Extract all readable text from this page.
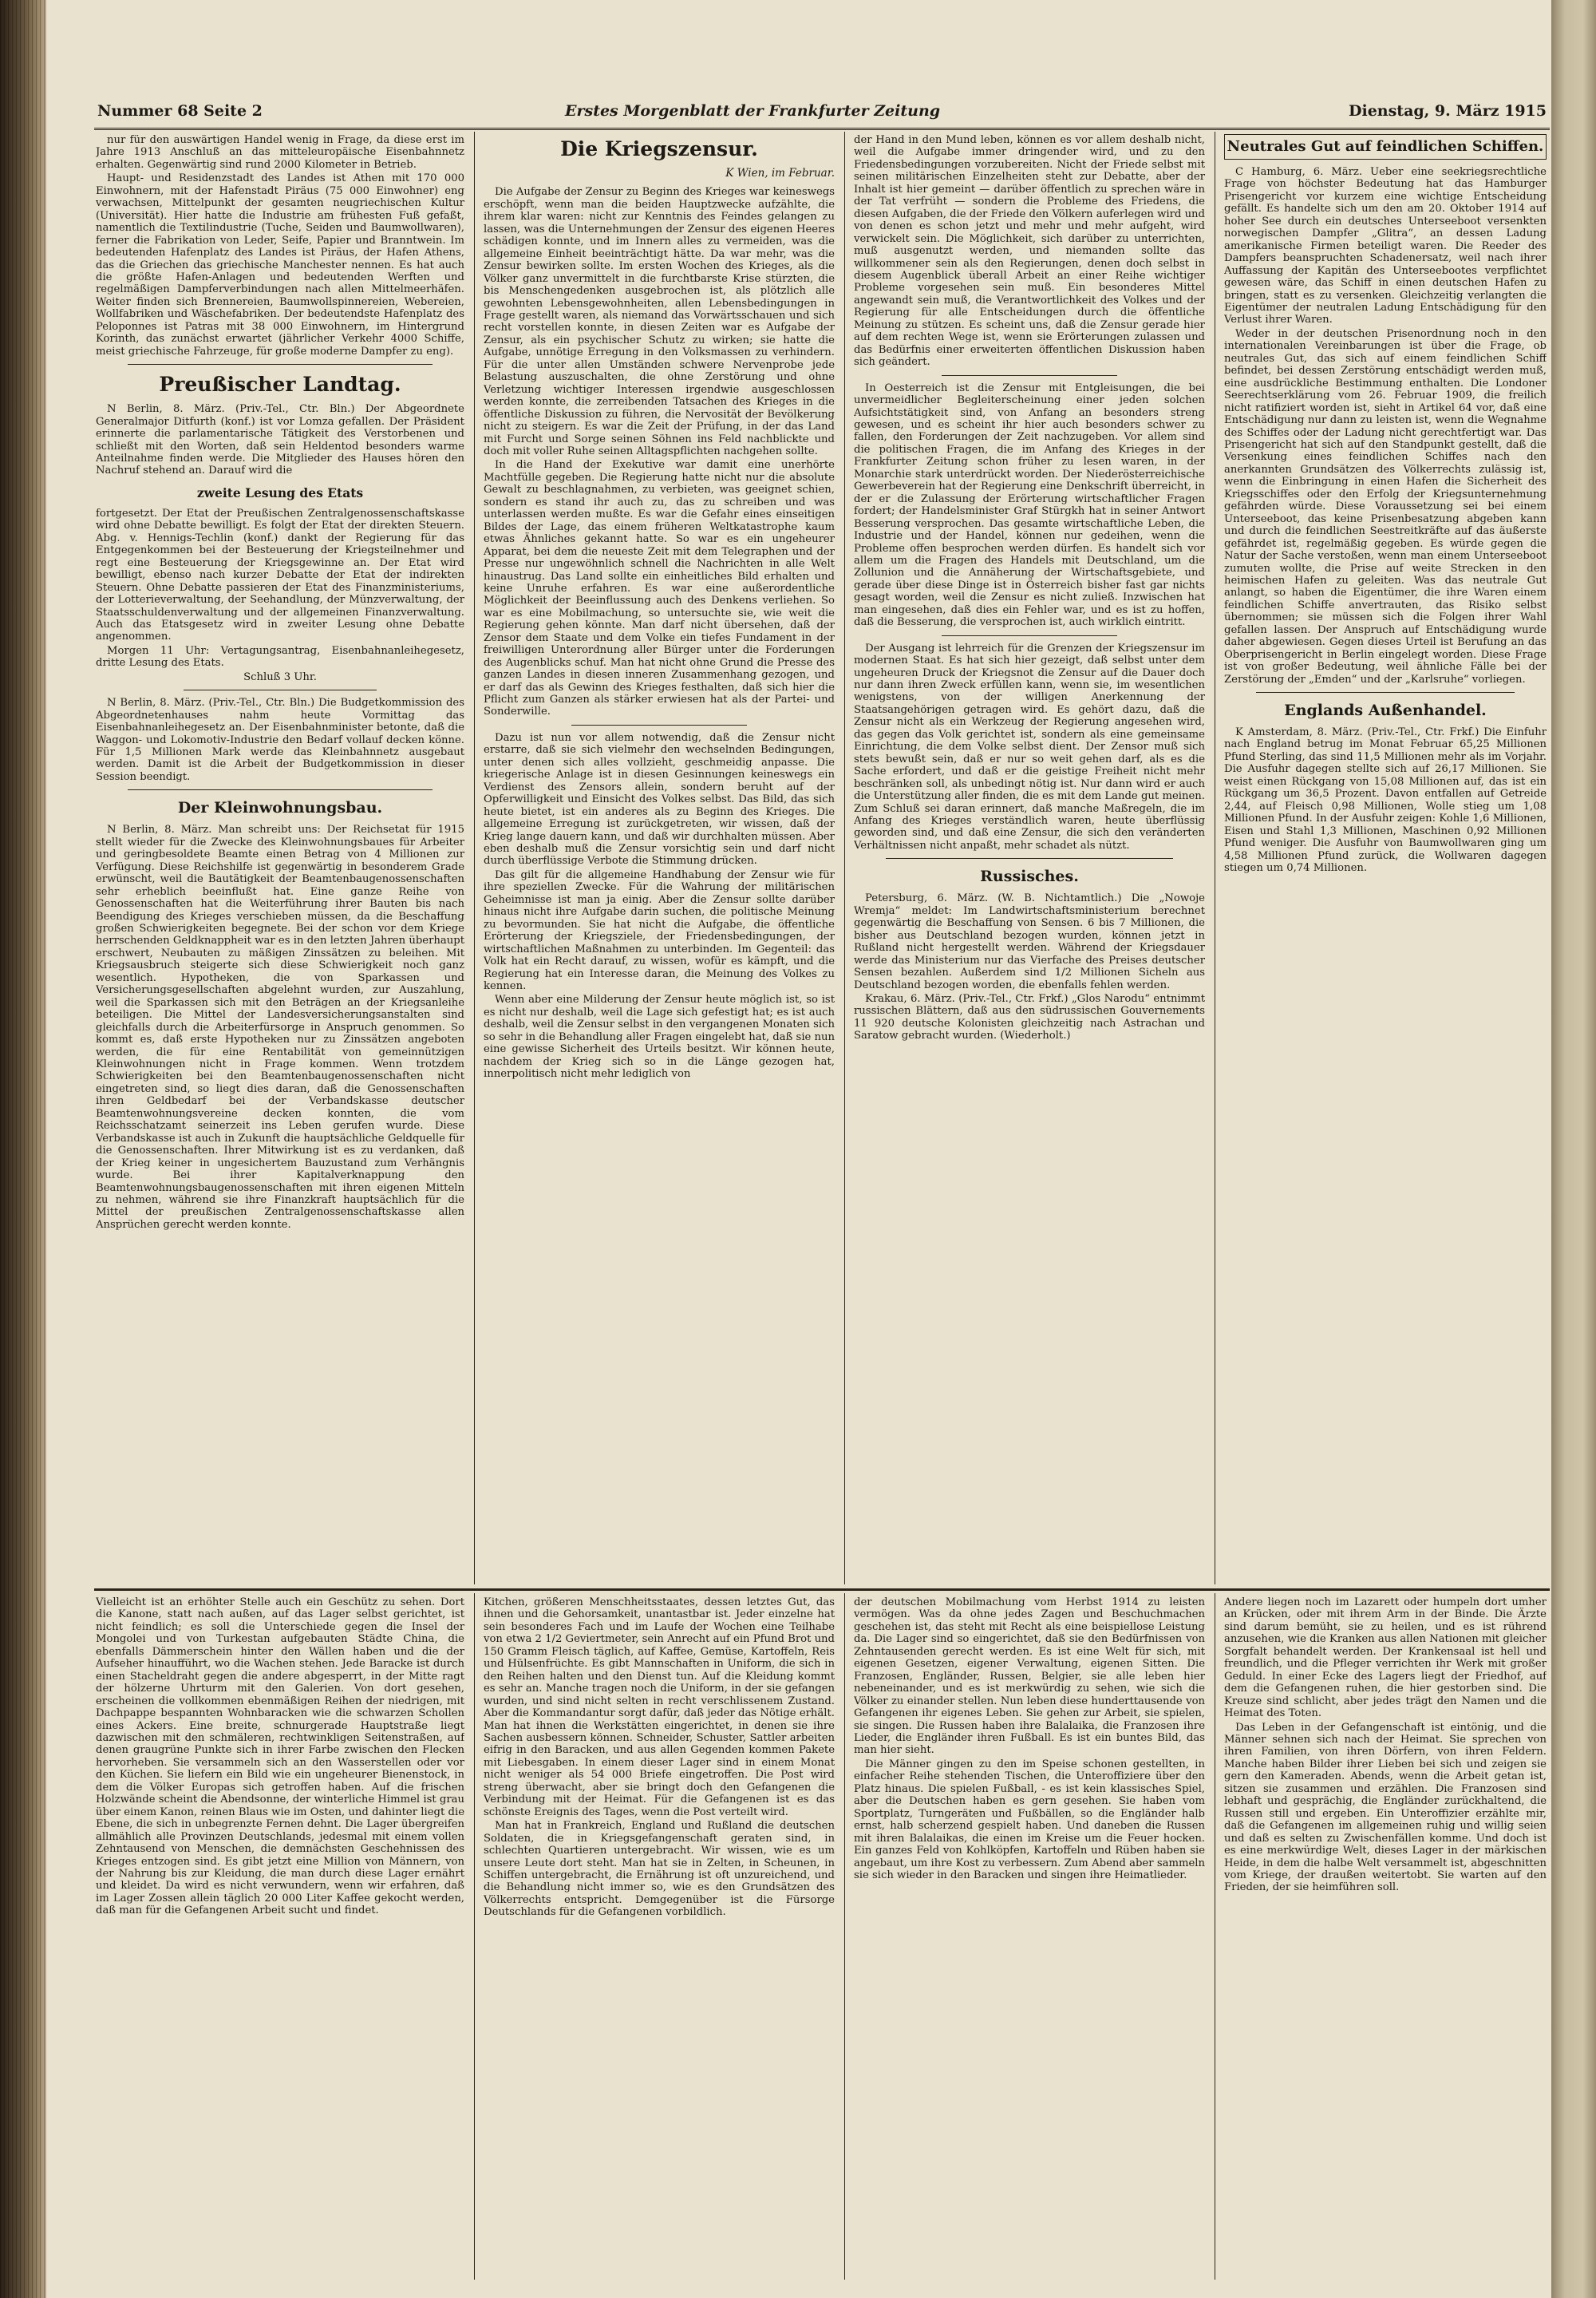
Nummer 68 Seite 2	Erstes Morgenblatt der Frankfurter Zeitung	Dienstag, 9. März 1915

nur für den auswärtigen Handel wenig in Frage, da diese erst im Jahre 1913 Anschluß an das mitteleuropäische Eisenbahnnetz erhalten. Gegenwärtig sind rund 2000 Kilometer in Betrieb.

Haupt- und Residenzstadt des Landes ist Athen mit 170 000 Einwohnern, mit der Hafenstadt Piräus (75 000 Einwohner) eng verwachsen, Mittelpunkt der gesamten neugriechischen Kultur (Universität). Hier hatte die Industrie am frühesten Fuß gefaßt, namentlich die Textilindustrie (Tuche, Seiden und Baumwollwaren), ferner die Fabrikation von Leder, Seife, Papier und Branntwein. Im bedeutenden Hafenplatz des Landes ist Piräus, der Hafen Athens, das die Griechen das griechische Manchester nennen. Es hat auch die größte Hafen-Anlagen und bedeutenden Werften und regelmäßigen Dampferverbindungen nach allen Mittelmeerhäfen. Weiter finden sich Brennereien, Baumwollspinnereien, Webereien, Wollfabriken und Wäschefabriken. Der bedeutendste Hafenplatz des Peloponnes ist Patras mit 38 000 Einwohnern, im Hintergrund Korinth, das zunächst erwartet (jährlicher Verkehr 4000 Schiffe, meist griechische Fahrzeuge, für große moderne Dampfer zu eng).

Preußischer Landtag.

N Berlin, 8. März. (Priv.-Tel., Ctr. Bln.) Der Abgeordnete Generalmajor Ditfurth (konf.) ist vor Lomza gefallen. Der Präsident erinnerte die parlamentarische Tätigkeit des Verstorbenen und schließt mit den Worten, daß sein Heldentod besonders warme Anteilnahme finden werde. Die Mitglieder des Hauses hören den Nachruf stehend an. Darauf wird die

zweite Lesung des Etats

fortgesetzt. Der Etat der Preußischen Zentralgenossenschaftskasse wird ohne Debatte bewilligt. Es folgt der Etat der direkten Steuern. Abg. v. Hennigs-Techlin (konf.) dankt der Regierung für das Entgegenkommen bei der Besteuerung der Kriegsteilnehmer und regt eine Besteuerung der Kriegsgewinne an. Der Etat wird bewilligt, ebenso nach kurzer Debatte der Etat der indirekten Steuern. Ohne Debatte passieren der Etat des Finanzministeriums, der Lotterieverwaltung, der Seehandlung, der Münzverwaltung, der Staatsschuldenverwaltung und der allgemeinen Finanzverwaltung. Auch das Etatsgesetz wird in zweiter Lesung ohne Debatte angenommen.

Morgen 11 Uhr: Vertagungsantrag, Eisenbahnanleihegesetz, dritte Lesung des Etats.

Schluß 3 Uhr.

N Berlin, 8. März. (Priv.-Tel., Ctr. Bln.) Die Budgetkommission des Abgeordnetenhauses nahm heute Vormittag das Eisenbahnanleihegesetz an. Der Eisenbahnminister betonte, daß die Waggon- und Lokomotiv-Industrie den Bedarf vollauf decken könne. Für 1,5 Millionen Mark werde das Kleinbahnnetz ausgebaut werden. Damit ist die Arbeit der Budgetkommission in dieser Session beendigt.

Der Kleinwohnungsbau.

N Berlin, 8. März. Man schreibt uns: Der Reichsetat für 1915 stellt wieder für die Zwecke des Kleinwohnungsbaues für Arbeiter und geringbesoldete Beamte einen Betrag von 4 Millionen zur Verfügung. Diese Reichshilfe ist gegenwärtig in besonderem Grade erwünscht, weil die Bautätigkeit der Beamtenbaugenossenschaften sehr erheblich beeinflußt hat. Eine ganze Reihe von Genossenschaften hat die Weiterführung ihrer Bauten bis nach Beendigung des Krieges verschieben müssen, da die Beschaffung großen Schwierigkeiten begegnete. Bei der schon vor dem Kriege herrschenden Geldknappheit war es in den letzten Jahren überhaupt erschwert, Neubauten zu mäßigen Zinssätzen zu beleihen. Mit Kriegsausbruch steigerte sich diese Schwierigkeit noch ganz wesentlich. Hypotheken, die von Sparkassen und Versicherungsgesellschaften abgelehnt wurden, zur Auszahlung, weil die Sparkassen sich mit den Beträgen an der Kriegsanleihe beteiligen. Die Mittel der Landesversicherungsanstalten sind gleichfalls durch die Arbeiterfürsorge in Anspruch genommen. So kommt es, daß erste Hypotheken nur zu Zinssätzen angeboten werden, die für eine Rentabilität von gemeinnützigen Kleinwohnungen nicht in Frage kommen. Wenn trotzdem Schwierigkeiten bei den Beamtenbaugenossenschaften nicht eingetreten sind, so liegt dies daran, daß die Genossenschaften ihren Geldbedarf bei der Verbandskasse deutscher Beamtenwohnungsvereine decken konnten, die vom Reichsschatzamt seinerzeit ins Leben gerufen wurde. Diese Verbandskasse ist auch in Zukunft die hauptsächliche Geldquelle für die Genossenschaften. Ihrer Mitwirkung ist es zu verdanken, daß der Krieg keiner in ungesichertem Bauzustand zum Verhängnis wurde. Bei ihrer Kapitalverknappung den Beamtenwohnungsbaugenossenschaften mit ihren eigenen Mitteln zu nehmen, während sie ihre Finanzkraft hauptsächlich für die Mittel der preußischen Zentralgenossenschaftskasse allen Ansprüchen gerecht werden konnte.

Die Kriegszensur.
K Wien, im Februar.

Die Aufgabe der Zensur zu Beginn des Krieges war keineswegs erschöpft, wenn man die beiden Hauptzwecke aufzählte, die ihrem klar waren: nicht zur Kenntnis des Feindes gelangen zu lassen, was die Unternehmungen der Zensur des eigenen Heeres schädigen konnte, und im Innern alles zu vermeiden, was die allgemeine Einheit beeinträchtigt hätte. Da war mehr, was die Zensur bewirken sollte. Im ersten Wochen des Krieges, als die Völker ganz unvermittelt in die furchtbarste Krise stürzten, die bis Menschengedenken ausgebrochen ist, als plötzlich alle gewohnten Lebensgewohnheiten, allen Lebensbedingungen in Frage gestellt waren, als niemand das Vorwärtsschauen und sich recht vorstellen konnte, in diesen Zeiten war es Aufgabe der Zensur, als ein psychischer Schutz zu wirken; sie hatte die Aufgabe, unnötige Erregung in den Volksmassen zu verhindern. Für die unter allen Umständen schwere Nervenprobe jede Belastung auszuschalten, die ohne Zerstörung und ohne Verletzung wichtiger Interessen irgendwie ausgeschlossen werden konnte, die zerreibenden Tatsachen des Krieges in die öffentliche Diskussion zu führen, die Nervosität der Bevölkerung nicht zu steigern. Es war die Zeit der Prüfung, in der das Land mit Furcht und Sorge seinen Söhnen ins Feld nachblickte und doch mit voller Ruhe seinen Alltagspflichten nachgehen sollte.

In die Hand der Exekutive war damit eine unerhörte Machtfülle gegeben. Die Regierung hatte nicht nur die absolute Gewalt zu beschlagnahmen, zu verbieten, was geeignet schien, sondern es stand ihr auch zu, das zu schreiben und was unterlassen werden mußte. Es war die Gefahr eines einseitigen Bildes der Lage, das einem früheren Weltkatastrophe kaum etwas Ähnliches gekannt hatte. So war es ein ungeheurer Apparat, bei dem die neueste Zeit mit dem Telegraphen und der Presse nur ungewöhnlich schnell die Nachrichten in alle Welt hinaustrug. Das Land sollte ein einheitliches Bild erhalten und keine Unruhe erfahren. Es war eine außerordentliche Möglichkeit der Beeinflussung auch des Denkens verliehen. So war es eine Mobilmachung, so untersuchte sie, wie weit die Regierung gehen könnte. Man darf nicht übersehen, daß der Zensor dem Staate und dem Volke ein tiefes Fundament in der freiwilligen Unterordnung aller Bürger unter die Forderungen des Augenblicks schuf. Man hat nicht ohne Grund die Presse des ganzen Landes in diesen inneren Zusammenhang gezogen, und er darf das als Gewinn des Krieges festhalten, daß sich hier die Pflicht zum Ganzen als stärker erwiesen hat als der Partei- und Sonderwille.

Dazu ist nun vor allem notwendig, daß die Zensur nicht erstarre, daß sie sich vielmehr den wechselnden Bedingungen, unter denen sich alles vollzieht, geschmeidig anpasse. Die kriegerische Anlage ist in diesen Gesinnungen keineswegs ein Verdienst des Zensors allein, sondern beruht auf der Opferwilligkeit und Einsicht des Volkes selbst. Das Bild, das sich heute bietet, ist ein anderes als zu Beginn des Krieges. Die allgemeine Erregung ist zurückgetreten, wir wissen, daß der Krieg lange dauern kann, und daß wir durchhalten müssen. Aber eben deshalb muß die Zensur vorsichtig sein und darf nicht durch überflüssige Verbote die Stimmung drücken.

Das gilt für die allgemeine Handhabung der Zensur wie für ihre speziellen Zwecke. Für die Wahrung der militärischen Geheimnisse ist man ja einig. Aber die Zensur sollte darüber hinaus nicht ihre Aufgabe darin suchen, die politische Meinung zu bevormunden. Sie hat nicht die Aufgabe, die öffentliche Erörterung der Kriegsziele, der Friedensbedingungen, der wirtschaftlichen Maßnahmen zu unterbinden. Im Gegenteil: das Volk hat ein Recht darauf, zu wissen, wofür es kämpft, und die Regierung hat ein Interesse daran, die Meinung des Volkes zu kennen.

Wenn aber eine Milderung der Zensur heute möglich ist, so ist es nicht nur deshalb, weil die Lage sich gefestigt hat; es ist auch deshalb, weil die Zensur selbst in den vergangenen Monaten sich so sehr in die Behandlung aller Fragen eingelebt hat, daß sie nun eine gewisse Sicherheit des Urteils besitzt. Wir können heute, nachdem der Krieg sich so in die Länge gezogen hat, innerpolitisch nicht mehr lediglich von

der Hand in den Mund leben, können es vor allem deshalb nicht, weil die Aufgabe immer dringender wird, und zu den Friedensbedingungen vorzubereiten. Nicht der Friede selbst mit seinen militärischen Einzelheiten steht zur Debatte, aber der Inhalt ist hier gemeint — darüber öffentlich zu sprechen wäre in der Tat verfrüht — sondern die Probleme des Friedens, die diesen Aufgaben, die der Friede den Völkern auferlegen wird und von denen es schon jetzt und mehr und mehr aufgeht, wird verwickelt sein. Die Möglichkeit, sich darüber zu unterrichten, muß ausgenutzt werden, und niemanden sollte das willkommener sein als den Regierungen, denen doch selbst in diesem Augenblick überall Arbeit an einer Reihe wichtiger Probleme vorgesehen sein muß. Ein besonderes Mittel angewandt sein muß, die Verantwortlichkeit des Volkes und der Regierung für alle Entscheidungen durch die öffentliche Meinung zu stützen. Es scheint uns, daß die Zensur gerade hier auf dem rechten Wege ist, wenn sie Erörterungen zulassen und das Bedürfnis einer erweiterten öffentlichen Diskussion haben sich geändert.

In Oesterreich ist die Zensur mit Entgleisungen, die bei unvermeidlicher Begleiterscheinung einer jeden solchen Aufsichtstätigkeit sind, von Anfang an besonders streng gewesen, und es scheint ihr hier auch besonders schwer zu fallen, den Forderungen der Zeit nachzugeben. Vor allem sind die politischen Fragen, die im Anfang des Krieges in der Frankfurter Zeitung schon früher zu lesen waren, in der Monarchie stark unterdrückt worden. Der Niederösterreichische Gewerbeverein hat der Regierung eine Denkschrift überreicht, in der er die Zulassung der Erörterung wirtschaftlicher Fragen fordert; der Handelsminister Graf Stürgkh hat in seiner Antwort Besserung versprochen. Das gesamte wirtschaftliche Leben, die Industrie und der Handel, können nur gedeihen, wenn die Probleme offen besprochen werden dürfen. Es handelt sich vor allem um die Fragen des Handels mit Deutschland, um die Zollunion und die Annäherung der Wirtschaftsgebiete, und gerade über diese Dinge ist in Österreich bisher fast gar nichts gesagt worden, weil die Zensur es nicht zuließ. Inzwischen hat man eingesehen, daß dies ein Fehler war, und es ist zu hoffen, daß die Besserung, die versprochen ist, auch wirklich eintritt.

Der Ausgang ist lehrreich für die Grenzen der Kriegszensur im modernen Staat. Es hat sich hier gezeigt, daß selbst unter dem ungeheuren Druck der Kriegsnot die Zensur auf die Dauer doch nur dann ihren Zweck erfüllen kann, wenn sie, im wesentlichen wenigstens, von der willigen Anerkennung der Staatsangehörigen getragen wird. Es gehört dazu, daß die Zensur nicht als ein Werkzeug der Regierung angesehen wird, das gegen das Volk gerichtet ist, sondern als eine gemeinsame Einrichtung, die dem Volke selbst dient. Der Zensor muß sich stets bewußt sein, daß er nur so weit gehen darf, als es die Sache erfordert, und daß er die geistige Freiheit nicht mehr beschränken soll, als unbedingt nötig ist. Nur dann wird er auch die Unterstützung aller finden, die es mit dem Lande gut meinen. Zum Schluß sei daran erinnert, daß manche Maßregeln, die im Anfang des Krieges verständlich waren, heute überflüssig geworden sind, und daß eine Zensur, die sich den veränderten Verhältnissen nicht anpaßt, mehr schadet als nützt.

Russisches.

Petersburg, 6. März. (W. B. Nichtamtlich.) Die „Nowoje Wremja“ meldet: Im Landwirtschaftsministerium berechnet gegenwärtig die Beschaffung von Sensen. 6 bis 7 Millionen, die bisher aus Deutschland bezogen wurden, können jetzt in Rußland nicht hergestellt werden. Während der Kriegsdauer werde das Ministerium nur das Vierfache des Preises deutscher Sensen bezahlen. Außerdem sind 1/2 Millionen Sicheln aus Deutschland bezogen worden, die ebenfalls fehlen werden.

Krakau, 6. März. (Priv.-Tel., Ctr. Frkf.) „Glos Narodu“ entnimmt russischen Blättern, daß aus den südrussischen Gouvernements 11 920 deutsche Kolonisten gleichzeitig nach Astrachan und Saratow gebracht wurden. (Wiederholt.)

Neutrales Gut auf feindlichen Schiffen.

C Hamburg, 6. März. Ueber eine seekriegsrechtliche Frage von höchster Bedeutung hat das Hamburger Prisengericht vor kurzem eine wichtige Entscheidung gefällt. Es handelte sich um den am 20. Oktober 1914 auf hoher See durch ein deutsches Unterseeboot versenkten norwegischen Dampfer „Glitra“, an dessen Ladung amerikanische Firmen beteiligt waren. Die Reeder des Dampfers beanspruchten Schadenersatz, weil nach ihrer Auffassung der Kapitän des Unterseebootes verpflichtet gewesen wäre, das Schiff in einen deutschen Hafen zu bringen, statt es zu versenken. Gleichzeitig verlangten die Eigentümer der neutralen Ladung Entschädigung für den Verlust ihrer Waren.

Weder in der deutschen Prisenordnung noch in den internationalen Vereinbarungen ist über die Frage, ob neutrales Gut, das sich auf einem feindlichen Schiff befindet, bei dessen Zerstörung entschädigt werden muß, eine ausdrückliche Bestimmung enthalten. Die Londoner Seerechtserklärung vom 26. Februar 1909, die freilich nicht ratifiziert worden ist, sieht in Artikel 64 vor, daß eine Entschädigung nur dann zu leisten ist, wenn die Wegnahme des Schiffes oder der Ladung nicht gerechtfertigt war. Das Prisengericht hat sich auf den Standpunkt gestellt, daß die Versenkung eines feindlichen Schiffes nach den anerkannten Grundsätzen des Völkerrechts zulässig ist, wenn die Einbringung in einen Hafen die Sicherheit des Kriegsschiffes oder den Erfolg der Kriegsunternehmung gefährden würde. Diese Voraussetzung sei bei einem Unterseeboot, das keine Prisenbesatzung abgeben kann und durch die feindlichen Seestreitkräfte auf das äußerste gefährdet ist, regelmäßig gegeben. Es würde gegen die Natur der Sache verstoßen, wenn man einem Unterseeboot zumuten wollte, die Prise auf weite Strecken in den heimischen Hafen zu geleiten. Was das neutrale Gut anlangt, so haben die Eigentümer, die ihre Waren einem feindlichen Schiffe anvertrauten, das Risiko selbst übernommen; sie müssen sich die Folgen ihrer Wahl gefallen lassen. Der Anspruch auf Entschädigung wurde daher abgewiesen. Gegen dieses Urteil ist Berufung an das Oberprisengericht in Berlin eingelegt worden. Diese Frage ist von großer Bedeutung, weil ähnliche Fälle bei der Zerstörung der „Emden“ und der „Karlsruhe“ vorliegen.

Englands Außenhandel.

K Amsterdam, 8. März. (Priv.-Tel., Ctr. Frkf.) Die Einfuhr nach England betrug im Monat Februar 65,25 Millionen Pfund Sterling, das sind 11,5 Millionen mehr als im Vorjahr. Die Ausfuhr dagegen stellte sich auf 26,17 Millionen. Sie weist einen Rückgang von 15,08 Millionen auf, das ist ein Rückgang um 36,5 Prozent. Davon entfallen auf Getreide 2,44, auf Fleisch 0,98 Millionen, Wolle stieg um 1,08 Millionen Pfund. In der Ausfuhr zeigen: Kohle 1,6 Millionen, Eisen und Stahl 1,3 Millionen, Maschinen 0,92 Millionen Pfund weniger. Die Ausfuhr von Baumwollwaren ging um 4,58 Millionen Pfund zurück, die Wollwaren dagegen stiegen um 0,74 Millionen.

Vielleicht ist an erhöhter Stelle auch ein Geschütz zu sehen. Dort die Kanone, statt nach außen, auf das Lager selbst gerichtet, ist nicht feindlich; es soll die Unterschiede gegen die Insel der Mongolei und von Turkestan aufgebauten Städte China, die ebenfalls Dämmerschein hinter den Wällen haben und die der Aufseher hinaufführt, wo die Wachen stehen. Jede Baracke ist durch einen Stacheldraht gegen die andere abgesperrt, in der Mitte ragt der hölzerne Uhrturm mit den Galerien. Von dort gesehen, erscheinen die vollkommen ebenmäßigen Reihen der niedrigen, mit Dachpappe bespannten Wohnbaracken wie die schwarzen Schollen eines Ackers. Eine breite, schnurgerade Hauptstraße liegt dazwischen mit den schmäleren, rechtwinkligen Seitenstraßen, auf denen graugrüne Punkte sich in ihrer Farbe zwischen den Flecken hervorheben. Sie versammeln sich an den Wasserstellen oder vor den Küchen. Sie liefern ein Bild wie ein ungeheurer Bienenstock, in dem die Völker Europas sich getroffen haben. Auf die frischen Holzwände scheint die Abendsonne, der winterliche Himmel ist grau über einem Kanon, reinen Blaus wie im Osten, und dahinter liegt die Ebene, die sich in unbegrenzte Fernen dehnt. Die Lager übergreifen allmählich alle Provinzen Deutschlands, jedesmal mit einem vollen Zehntausend von Menschen, die demnächsten Geschehnissen des Krieges entzogen sind. Es gibt jetzt eine Million von Männern, von der Nahrung bis zur Kleidung, die man durch diese Lager ernährt und kleidet. Da wird es nicht verwundern, wenn wir erfahren, daß im Lager Zossen allein täglich 20 000 Liter Kaffee gekocht werden, daß man für die Gefangenen Arbeit sucht und findet.

Kitchen, größeren Menschheitsstaates, dessen letztes Gut, das ihnen und die Gehorsamkeit, unantastbar ist. Jeder einzelne hat sein besonderes Fach und im Laufe der Wochen eine Teilhabe von etwa 2 1/2 Geviertmeter, sein Anrecht auf ein Pfund Brot und 150 Gramm Fleisch täglich, auf Kaffee, Gemüse, Kartoffeln, Reis und Hülsenfrüchte. Es gibt Mannschaften in Uniform, die sich in den Reihen halten und den Dienst tun. Auf die Kleidung kommt es sehr an. Manche tragen noch die Uniform, in der sie gefangen wurden, und sind nicht selten in recht verschlissenem Zustand. Aber die Kommandantur sorgt dafür, daß jeder das Nötige erhält. Man hat ihnen die Werkstätten eingerichtet, in denen sie ihre Sachen ausbessern können. Schneider, Schuster, Sattler arbeiten eifrig in den Baracken, und aus allen Gegenden kommen Pakete mit Liebesgaben. In einem dieser Lager sind in einem Monat nicht weniger als 54 000 Briefe eingetroffen. Die Post wird streng überwacht, aber sie bringt doch den Gefangenen die Verbindung mit der Heimat. Für die Gefangenen ist es das schönste Ereignis des Tages, wenn die Post verteilt wird.

Man hat in Frankreich, England und Rußland die deutschen Soldaten, die in Kriegsgefangenschaft geraten sind, in schlechten Quartieren untergebracht. Wir wissen, wie es um unsere Leute dort steht. Man hat sie in Zelten, in Scheunen, in Schiffen untergebracht, die Ernährung ist oft unzureichend, und die Behandlung nicht immer so, wie es den Grundsätzen des Völkerrechts entspricht. Demgegenüber ist die Fürsorge Deutschlands für die Gefangenen vorbildlich.

der deutschen Mobilmachung vom Herbst 1914 zu leisten vermögen. Was da ohne jedes Zagen und Beschuchmachen geschehen ist, das steht mit Recht als eine beispiellose Leistung da. Die Lager sind so eingerichtet, daß sie den Bedürfnissen von Zehntausenden gerecht werden. Es ist eine Welt für sich, mit eigenen Gesetzen, eigener Verwaltung, eigenen Sitten. Die Franzosen, Engländer, Russen, Belgier, sie alle leben hier nebeneinander, und es ist merkwürdig zu sehen, wie sich die Völker zu einander stellen. Nun leben diese hunderttausende von Gefangenen ihr eigenes Leben. Sie gehen zur Arbeit, sie spielen, sie singen. Die Russen haben ihre Balalaika, die Franzosen ihre Lieder, die Engländer ihren Fußball. Es ist ein buntes Bild, das man hier sieht.

Die Männer gingen zu den im Speise schonen gestellten, in einfacher Reihe stehenden Tischen, die Unteroffiziere über den Platz hinaus. Die spielen Fußball, - es ist kein klassisches Spiel, aber die Deutschen haben es gern gesehen. Sie haben vom Sportplatz, Turngeräten und Fußbällen, so die Engländer halb ernst, halb scherzend gespielt haben. Und daneben die Russen mit ihren Balalaikas, die einen im Kreise um die Feuer hocken. Ein ganzes Feld von Kohlköpfen, Kartoffeln und Rüben haben sie angebaut, um ihre Kost zu verbessern. Zum Abend aber sammeln sie sich wieder in den Baracken und singen ihre Heimatlieder.

Andere liegen noch im Lazarett oder humpeln dort umher an Krücken, oder mit ihrem Arm in der Binde. Die Ärzte sind darum bemüht, sie zu heilen, und es ist rührend anzusehen, wie die Kranken aus allen Nationen mit gleicher Sorgfalt behandelt werden. Der Krankensaal ist hell und freundlich, und die Pfleger verrichten ihr Werk mit großer Geduld. In einer Ecke des Lagers liegt der Friedhof, auf dem die Gefangenen ruhen, die hier gestorben sind. Die Kreuze sind schlicht, aber jedes trägt den Namen und die Heimat des Toten.

Das Leben in der Gefangenschaft ist eintönig, und die Männer sehnen sich nach der Heimat. Sie sprechen von ihren Familien, von ihren Dörfern, von ihren Feldern. Manche haben Bilder ihrer Lieben bei sich und zeigen sie gern den Kameraden. Abends, wenn die Arbeit getan ist, sitzen sie zusammen und erzählen. Die Franzosen sind lebhaft und gesprächig, die Engländer zurückhaltend, die Russen still und ergeben. Ein Unteroffizier erzählte mir, daß die Gefangenen im allgemeinen ruhig und willig seien und daß es selten zu Zwischenfällen komme. Und doch ist es eine merkwürdige Welt, dieses Lager in der märkischen Heide, in dem die halbe Welt versammelt ist, abgeschnitten vom Kriege, der draußen weitertobt. Sie warten auf den Frieden, der sie heimführen soll.
